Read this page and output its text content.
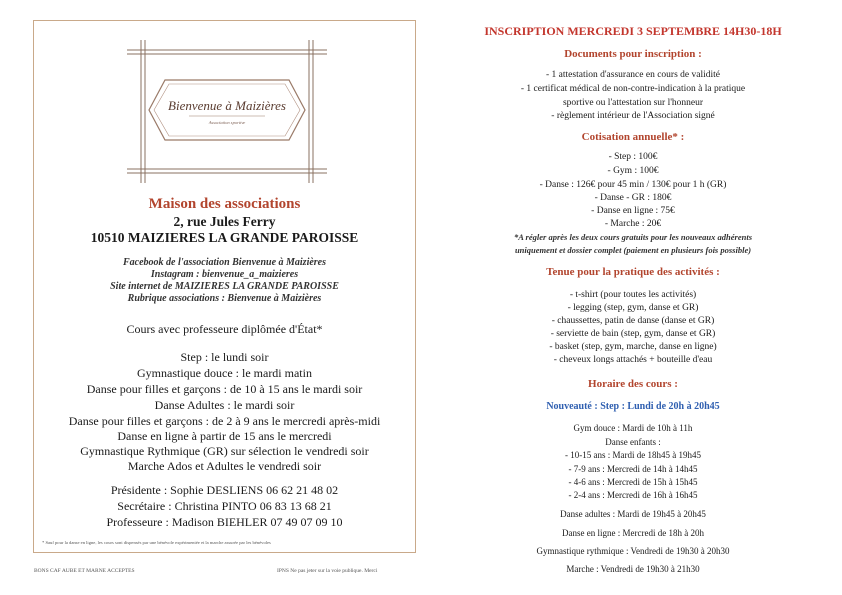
Bienvenue à Maizières
Association sportive
Maison des associations
2, rue Jules Ferry
10510 MAIZIERES LA GRANDE PAROISSE
Facebook de l'association Bienvenue à Maizières
Instagram : bienvenue_a_maizieres
Site internet de MAIZIERES LA GRANDE PAROISSE
Rubrique associations : Bienvenue à Maizières
Cours avec professeure diplômée d'État*
Step : le lundi soir
Gymnastique douce : le mardi matin
Danse pour filles et garçons : de 10 à 15 ans le mardi soir
Danse Adultes : le mardi soir
Danse pour filles et garçons : de 2 à 9 ans le mercredi après-midi
Danse en ligne à partir de 15 ans le mercredi
Gymnastique Rythmique (GR) sur sélection le vendredi soir
Marche Ados et Adultes le vendredi soir
Présidente : Sophie DESLIENS 06 62 21 48 02
Secrétaire : Christina PINTO 06 83 13 68 21
Professeure : Madison BIEHLER 07 49 07 09 10
* Sauf pour la danse en ligne, les cours sont dispensés par une bénévole expérimentée et la marche assurée par les bénévoles
BONS CAF AUBE ET MARNE ACCEPTES	IPNS Ne pas jeter sur la voie publique. Merci
INSCRIPTION MERCREDI 3 SEPTEMBRE 14H30-18H
Documents pour inscription :
- 1 attestation d'assurance en cours de validité
- 1 certificat médical de non-contre-indication à la pratique
sportive ou l'attestation sur l'honneur
- règlement intérieur de l'Association signé
Cotisation annuelle* :
- Step : 100€
- Gym : 100€
- Danse : 126€ pour 45 min / 130€ pour 1 h (GR)
- Danse - GR : 180€
- Danse en ligne : 75€
- Marche : 20€
*A régler après les deux cours gratuits pour les nouveaux adhérents
uniquement et dossier complet (paiement en plusieurs fois possible)
Tenue pour la pratique des activités :
- t-shirt (pour toutes les activités)
- legging (step, gym, danse et GR)
- chaussettes, patin de danse (danse et GR)
- serviette de bain (step, gym, danse et GR)
- basket (step, gym, marche, danse en ligne)
- cheveux longs attachés + bouteille d'eau
Horaire des cours :
Nouveauté : Step : Lundi de 20h à 20h45
Gym douce : Mardi de 10h à 11h
Danse enfants :
- 10-15 ans : Mardi de 18h45 à 19h45
- 7-9 ans : Mercredi de 14h à 14h45
- 4-6 ans : Mercredi de 15h à 15h45
- 2-4 ans : Mercredi de 16h à 16h45
Danse adultes : Mardi de 19h45 à 20h45
Danse en ligne : Mercredi de 18h à 20h
Gymnastique rythmique : Vendredi de 19h30 à 20h30
Marche : Vendredi de 19h30 à 21h30
